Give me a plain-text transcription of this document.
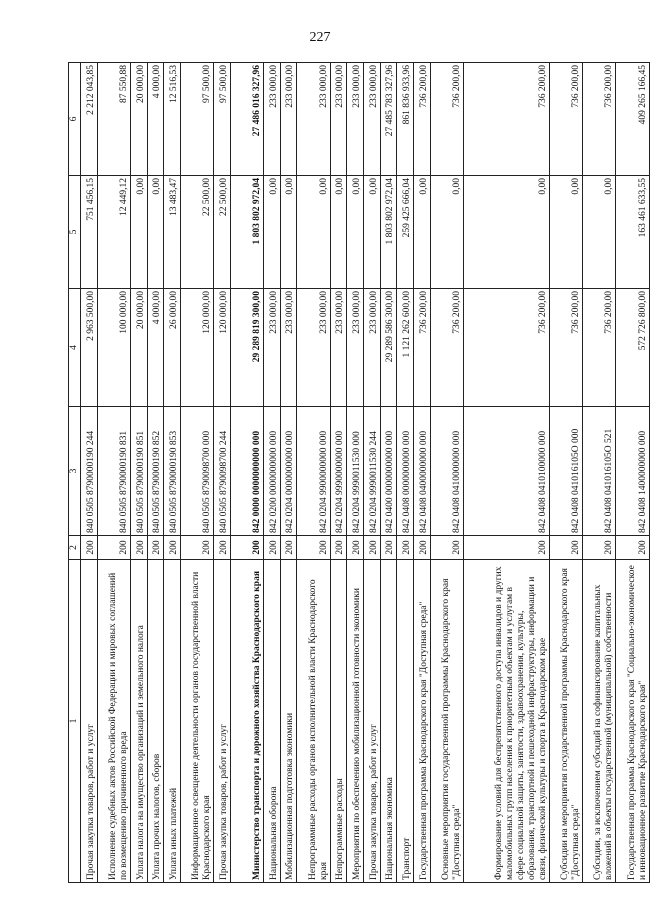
227
1	2	3	4	5	6
Прочая закупка товаров, работ и услуг	200	840 0505 8790000190 244	2 963 500,00	751 456,15	2 212 043,85
Исполнение судебных актов Российской Федерации и мировых соглашений по возмещению причиненного вреда	200	840 0505 8790000190 831	100 000,00	12 449,12	87 550,88
Уплата налога на имущество организаций и земельного налога	200	840 0505 8790000190 851	20 000,00	0,00	20 000,00
Уплата прочих налогов, сборов	200	840 0505 8790000190 852	4 000,00	0,00	4 000,00
Уплата иных платежей	200	840 0505 8790000190 853	26 000,00	13 483,47	12 516,53
Информационное освещение деятельности органов государственной власти Краснодарского края	200	840 0505 8790098700 000	120 000,00	22 500,00	97 500,00
Прочая закупка товаров, работ и услуг	200	840 0505 8790098700 244	120 000,00	22 500,00	97 500,00
Министерство транспорта и дорожного хозяйства Краснодарского края	200	842 0000 0000000000 000	29 289 819 300,00	1 803 802 972,04	27 486 016 327,96
Национальная оборона	200	842 0200 0000000000 000	233 000,00	0,00	233 000,00
Мобилизационная подготовка экономики	200	842 0204 0000000000 000	233 000,00	0,00	233 000,00
Непрограммные расходы органов исполнительной власти Краснодарского края	200	842 0204 9900000000 000	233 000,00	0,00	233 000,00
Непрограммные расходы	200	842 0204 9990000000 000	233 000,00	0,00	233 000,00
Мероприятия по обеспечению мобилизационной готовности экономики	200	842 0204 9990011530 000	233 000,00	0,00	233 000,00
Прочая закупка товаров, работ и услуг	200	842 0204 9990011530 244	233 000,00	0,00	233 000,00
Национальная экономика	200	842 0400 0000000000 000	29 289 586 300,00	1 803 802 972,04	27 485 783 327,96
Транспорт	200	842 0408 0000000000 000	1 121 262 600,00	259 425 666,04	861 836 933,96
Государственная программа Краснодарского края "Доступная среда"	200	842 0408 0400000000 000	736 200,00	0,00	736 200,00
Основные мероприятия государственной программы Краснодарского края "Доступная среда"	200	842 0408 0410000000 000	736 200,00	0,00	736 200,00
Формирование условий для беспрепятственного доступа инвалидов и других маломобильных групп населения к приоритетным объектам и услугам в сфере социальной защиты, занятости, здравоохранения, культуры, образования, транспортной и пешеходной инфраструктуры, информации и связи, физической культуры и спорта в Краснодарском крае	200	842 0408 0410100000 000	736 200,00	0,00	736 200,00
Субсидии на мероприятия государственной программы Краснодарского края "Доступная среда"	200	842 0408 041016105О 000	736 200,00	0,00	736 200,00
Субсидии, за исключением субсидий на софинансирование капитальных вложений в объекты государственной (муниципальной) собственности	200	842 0408 041016105О 521	736 200,00	0,00	736 200,00
Государственная программа Краснодарского края "Социально-экономическое и инновационное развитие Краснодарского края"	200	842 0408 1400000000 000	572 726 800,00	163 461 633,55	409 265 166,45
